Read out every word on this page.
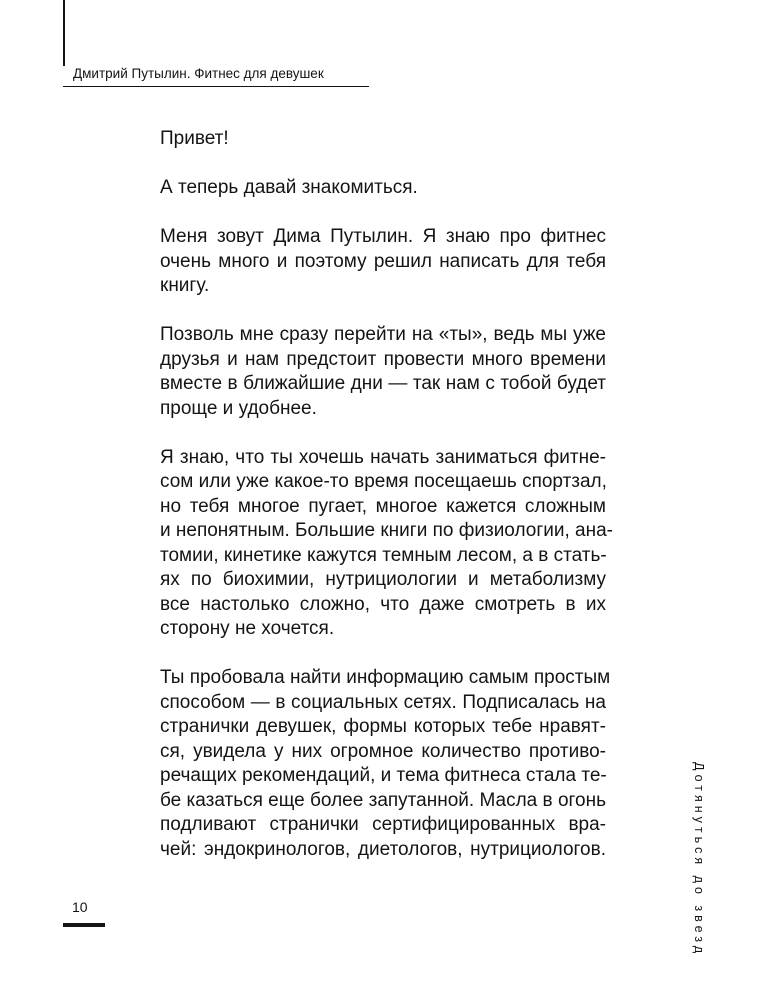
Дмитрий Путылин. Фитнес для девушек

Привет!

А теперь давай знакомиться.

Меня зовут Дима Путылин. Я знаю про фитнес
очень много и поэтому решил написать для тебя
книгу.

Позволь мне сразу перейти на «ты», ведь мы уже
друзья и нам предстоит провести много времени
вместе в ближайшие дни — так нам с тобой будет
проще и удобнее.

Я знаю, что ты хочешь начать заниматься фитне-
сом или уже какое-то время посещаешь спортзал,
но тебя многое пугает, многое кажется сложным
и непонятным. Большие книги по физиологии, ана-
томии, кинетике кажутся темным лесом, а в стать-
ях по биохимии, нутрициологии и метаболизму
все настолько сложно, что даже смотреть в их
сторону не хочется.

Ты пробовала найти информацию самым простым
способом — в социальных сетях. Подписалась на
странички девушек, формы которых тебе нравят-
ся, увидела у них огромное количество противо-
речащих рекомендаций, и тема фитнеса стала те-
бе казаться еще более запутанной. Масла в огонь
подливают странички сертифицированных вра-
чей: эндокринологов, диетологов, нутрициологов.	Дотянуться до звезд
10
